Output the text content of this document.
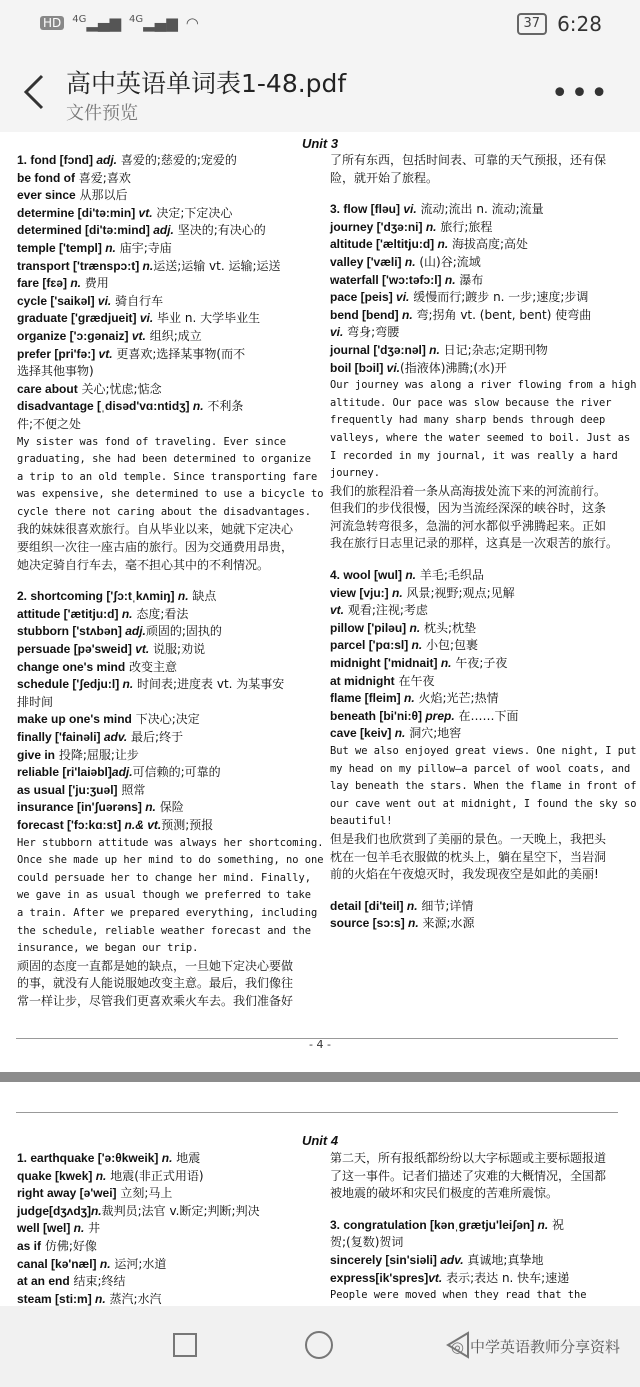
HD	$^{4G}$▂▄▆ $^{4G}$▂▄▆ ◠	37 6:28
高中英语单词表1-48.pdf
文件预览
•••
Unit 3
1. fond [fɔnd] adj. 喜爱的;慈爱的;宠爱的
be fond of 喜爱;喜欢
ever since 从那以后
determine [di'tə:min] vt. 决定;下定决心
determined [di'tə:mind] adj. 坚决的;有决心的
temple ['templ] n. 庙宇;寺庙
transport ['trænspɔ:t] n.运送;运输 vt. 运输;运送
fare [fɛə] n. 费用
cycle ['saikəl] vi. 骑自行车
graduate ['grædjueit] vi. 毕业 n. 大学毕业生
organize ['ɔ:gənaiz] vt. 组织;成立
prefer [pri'fə:] vt. 更喜欢;选择某事物(而不
选择其他事物)
care about 关心;忧虑;惦念
disadvantage [ˌdisəd'vɑ:ntidʒ] n. 不利条
件;不便之处
My sister was fond of traveling. Ever since
graduating, she had been determined to organize
a trip to an old temple. Since transporting fare
was expensive, she determined to use a bicycle to
cycle there not caring about the disadvantages.
我的妹妹很喜欢旅行。自从毕业以来，她就下定决心
要组织一次往一座古庙的旅行。因为交通费用昂贵，
她决定骑自行车去，毫不担心其中的不利情况。
2. shortcoming ['ʃɔ:tˌkʌmiŋ] n. 缺点
attitude ['ætitju:d] n. 态度;看法
stubborn ['stʌbən] adj.顽固的;固执的
persuade [pə'sweid] vt. 说服;劝说
change one's mind 改变主意
schedule ['ʃedju:l] n. 时间表;进度表 vt. 为某事安
排时间
make up one's mind 下决心;决定
finally ['fainəli] adv. 最后;终于
give in 投降;屈服;让步
reliable [ri'laiəbl]adj.可信赖的;可靠的
as usual ['ju:ʒuəl] 照常
insurance [in'ʃuərəns] n. 保险
forecast ['fɔ:kɑ:st] n.& vt.预测;预报
Her stubborn attitude was always her shortcoming.
Once she made up her mind to do something, no one
could persuade her to change her mind. Finally,
we gave in as usual though we preferred to take
a train. After we prepared everything, including
the schedule, reliable weather forecast and the
insurance, we began our trip.
顽固的态度一直都是她的缺点，一旦她下定决心要做
的事，就没有人能说服她改变主意。最后，我们像往
常一样让步，尽管我们更喜欢乘火车去。我们准备好
了所有东西，包括时间表、可靠的天气预报，还有保
险，就开始了旅程。
3. flow [fləu] vi. 流动;流出 n. 流动;流量
journey ['dʒə:ni] n. 旅行;旅程
altitude ['æltitju:d] n. 海拔高度;高处
valley ['væli] n. (山)谷;流域
waterfall ['wɔ:təfɔ:l] n. 瀑布
pace [peis] vi. 缓慢而行;踱步 n. 一步;速度;步调
bend [bend] n. 弯;拐角 vt. (bent, bent) 使弯曲
vi. 弯身;弯腰
journal ['dʒə:nəl] n. 日记;杂志;定期刊物
boil [bɔil] vi.(指液体)沸腾;(水)开
Our journey was along a river flowing from a high
altitude. Our pace was slow because the river
frequently had many sharp bends through deep
valleys, where the water seemed to boil. Just as
I recorded in my journal, it was really a hard
journey.
我们的旅程沿着一条从高海拔处流下来的河流前行。
但我们的步伐很慢，因为当流经深深的峡谷时，这条
河流急转弯很多，急湍的河水都似乎沸腾起来。正如
我在旅行日志里记录的那样，这真是一次艰苦的旅行。
4. wool [wul] n. 羊毛;毛织品
view [vju:] n. 风景;视野;观点;见解
vt. 观看;注视;考虑
pillow ['piləu] n. 枕头;枕垫
parcel ['pɑ:sl] n. 小包;包裹
midnight ['midnait] n. 午夜;子夜
at midnight 在午夜
flame [fleim] n. 火焰;光芒;热情
beneath [bi'ni:θ] prep. 在……下面
cave [keiv] n. 洞穴;地窖
But we also enjoyed great views. One night, I put
my head on my pillow—a parcel of wool coats, and
lay beneath the stars. When the flame in front of
our cave went out at midnight, I found the sky so
beautiful!
但是我们也欣赏到了美丽的景色。一天晚上，我把头
枕在一包羊毛衣服做的枕头上，躺在星空下，当岩洞
前的火焰在午夜熄灭时，我发现夜空是如此的美丽!
detail [di'teil] n. 细节;详情
source [sɔ:s] n. 来源;水源
- 4 -
Unit 4
1. earthquake ['ə:θkweik] n. 地震
quake [kwek] n. 地震(非正式用语)
right away [ə'wei] 立刻;马上
judge[dʒʌdʒ]n.裁判员;法官 v.断定;判断;判决
well [wel] n. 井
as if 仿佛;好像
canal [kə'næl] n. 运河;水道
at an end 结束;终结
steam [sti:m] n. 蒸汽;水汽
第二天，所有报纸都纷纷以大字标题或主要标题报道
了这一事件。记者们描述了灾难的大概情况，全国都
被地震的破坏和灾民们极度的苦难所震惊。
3. congratulation [kənˌgrætju'leiʃən] n. 祝
贺;(复数)贺词
sincerely [sin'siəli] adv. 真诚地;真挚地
express[ik'spres]vt. 表示;表达 n. 快车;速递
People were moved when they read that the
◎ 中学英语教师分享资料
